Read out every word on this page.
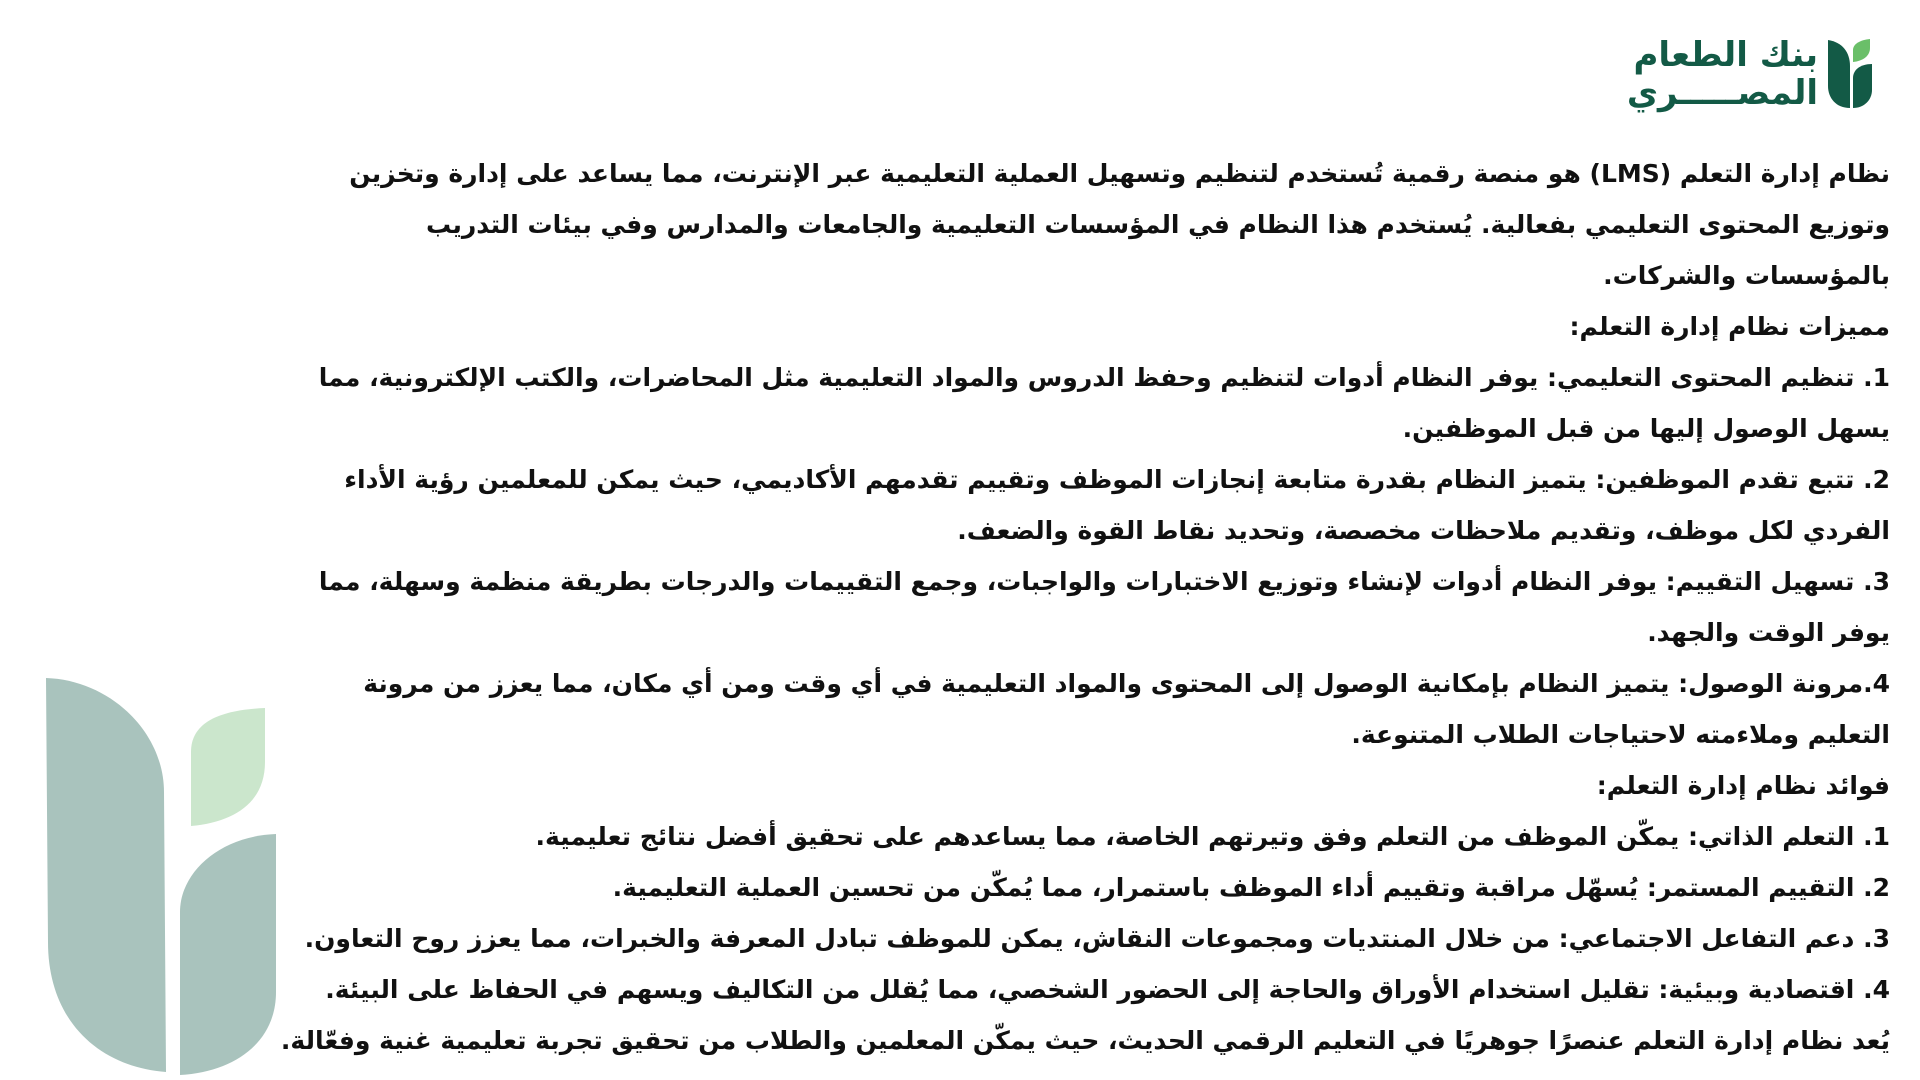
بنك الطعام
المصـــــري

نظام إدارة التعلم (LMS) هو منصة رقمية تُستخدم لتنظيم وتسهيل العملية التعليمية عبر الإنترنت، مما يساعد على إدارة وتخزين وتوزيع المحتوى التعليمي بفعالية. يُستخدم هذا النظام في المؤسسات التعليمية والجامعات والمدارس وفي بيئات التدريب بالمؤسسات والشركات.

مميزات نظام إدارة التعلم:

1. تنظيم المحتوى التعليمي: يوفر النظام أدوات لتنظيم وحفظ الدروس والمواد التعليمية مثل المحاضرات، والكتب الإلكترونية، مما يسهل الوصول إليها من قبل الموظفين.

2. تتبع تقدم الموظفين: يتميز النظام بقدرة متابعة إنجازات الموظف وتقييم تقدمهم الأكاديمي، حيث يمكن للمعلمين رؤية الأداء الفردي لكل موظف، وتقديم ملاحظات مخصصة، وتحديد نقاط القوة والضعف.

3. تسهيل التقييم: يوفر النظام أدوات لإنشاء وتوزيع الاختبارات والواجبات، وجمع التقييمات والدرجات بطريقة منظمة وسهلة، مما يوفر الوقت والجهد.

4.مرونة الوصول: يتميز النظام بإمكانية الوصول إلى المحتوى والمواد التعليمية في أي وقت ومن أي مكان، مما يعزز من مرونة التعليم وملاءمته لاحتياجات الطلاب المتنوعة.

فوائد نظام إدارة التعلم:

1. التعلم الذاتي: يمكّن الموظف من التعلم وفق وتيرتهم الخاصة، مما يساعدهم على تحقيق أفضل نتائج تعليمية.

2. التقييم المستمر: يُسهّل مراقبة وتقييم أداء الموظف باستمرار، مما يُمكّن من تحسين العملية التعليمية.

3. دعم التفاعل الاجتماعي: من خلال المنتديات ومجموعات النقاش، يمكن للموظف تبادل المعرفة والخبرات، مما يعزز روح التعاون.

4. اقتصادية وبيئية: تقليل استخدام الأوراق والحاجة إلى الحضور الشخصي، مما يُقلل من التكاليف ويسهم في الحفاظ على البيئة.

يُعد نظام إدارة التعلم عنصرًا جوهريًا في التعليم الرقمي الحديث، حيث يمكّن المعلمين والطلاب من تحقيق تجربة تعليمية غنية وفعّالة.
